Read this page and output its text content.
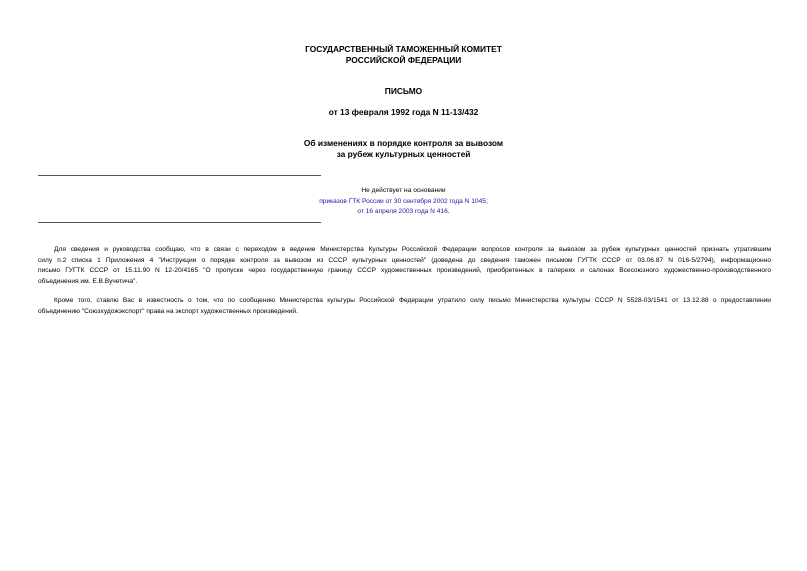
ГОСУДАРСТВЕННЫЙ ТАМОЖЕННЫЙ КОМИТЕТ
РОССИЙСКОЙ ФЕДЕРАЦИИ
ПИСЬМО
от 13 февраля 1992 года N 11-13/432
Об изменениях в порядке контроля за вывозом
за рубеж культурных ценностей
Не действует на основании
приказов ГТК России от 30 сентября 2002 года N 1045;
от 16 апреля 2003 года N 416.
Для сведения и руководства сообщаю, что в связи с переходом в ведение Министерства Культуры Российской Федерации вопросов контроля за вывозом за рубеж культурных ценностей признать утратившим
силу п.2 списка 1 Приложения 4 "Инструкции о порядке контроля за вывозом из СССР культурных ценностей" (доведена до сведения таможен письмом ГУГТК СССР от 03.06.87 N 016-5/2794), информационно
письмо ГУГТК СССР от 15.11.90 N 12-20/4165 "О пропуске через государственную границу СССР художественных произведений, приобретенных в галереях и салонах Всесоюзного художественно-производственного
объединения им. Е.В.Вучетича".
Кроме того, ставлю Вас в известность о том, что по сообщению Министерства культуры Российской Федерации утратило силу письмо Министерства культуры СССР N 5528-03/1541 от 13.12.88 о предоставлении
объединению "Союзхудожэкспорт" права на экспорт художественных произведений.
